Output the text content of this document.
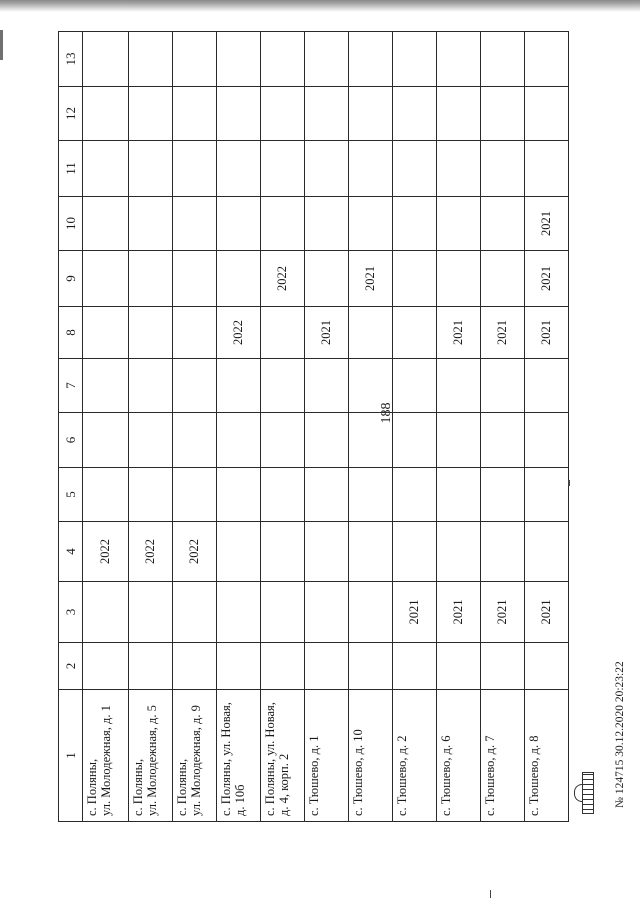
188
1	2	3	4	5	6	7	8	9	10	11	12	13

с. Поляны, ул. Молодежная, д. 1			2022									

с. Поляны, ул. Молодежная, д. 5			2022									

с. Поляны, ул. Молодежная, д. 9			2022									

с. Поляны, ул. Новая, д. 10б							2022					

с. Поляны, ул. Новая, д. 4, корп. 2								2022				

с. Тюшево, д. 1							2021					

с. Тюшево, д. 10								2021				

с. Тюшево, д. 2		2021										

с. Тюшево, д. 6		2021					2021					

с. Тюшево, д. 7		2021					2021					

с. Тюшево, д. 8		2021					2021	2021	2021			
№ 124715 30.12.2020 20:23:22
